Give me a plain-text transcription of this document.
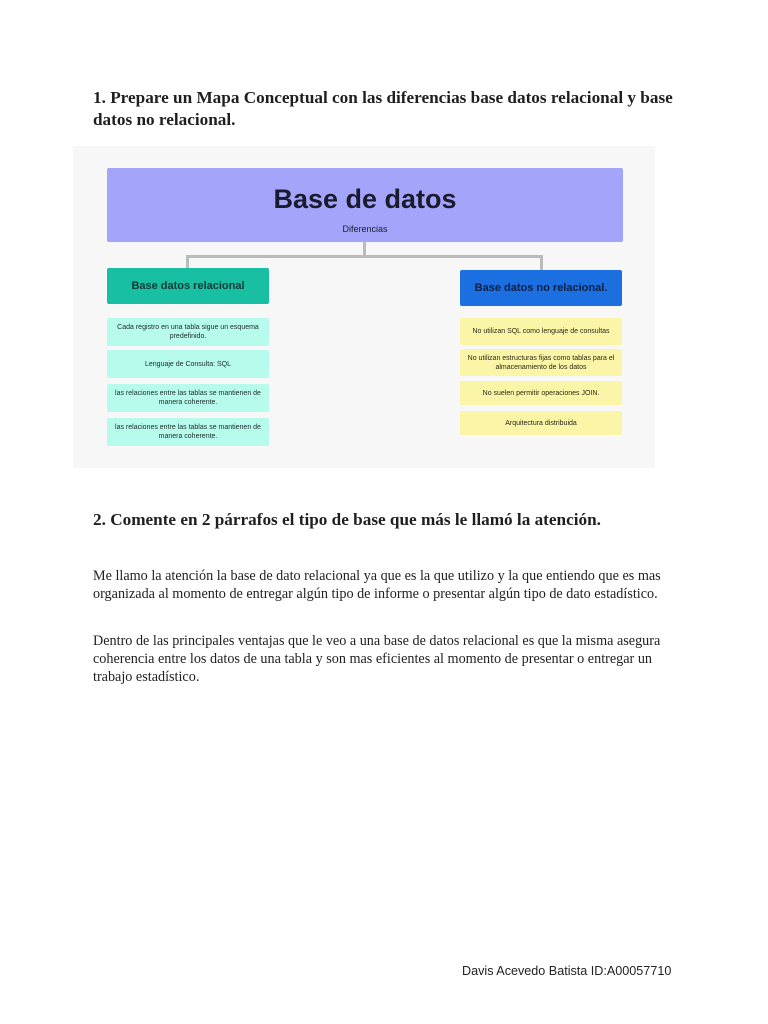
1. Prepare un Mapa Conceptual con las diferencias base datos relacional y base datos no relacional.
Base de datos
Diferencias
Base datos relacional	Base datos no relacional.
Cada registro en una tabla sigue un esquema predefinido.
Lenguaje de Consulta: SQL
las relaciones entre las tablas se mantienen de manera coherente.
las relaciones entre las tablas se mantienen de manera coherente.
No utilizan SQL como lenguaje de consultas
No utilizan estructuras fijas como tablas para el almacenamiento de los datos
No suelen permitir operaciones JOIN.
Arquitectura distribuida
2. Comente en 2 párrafos el tipo de base que más le llamó la atención.

Me llamo la atención la base de dato relacional ya que es la que utilizo y la que entiendo que es mas organizada al momento de entregar algún tipo de informe o presentar algún tipo de dato estadístico.

Dentro de las principales ventajas que le veo a una base de datos relacional es que la misma asegura coherencia entre los datos de una tabla y son mas eficientes al momento de presentar o entregar un trabajo estadístico.

Davis Acevedo Batista ID:A00057710
